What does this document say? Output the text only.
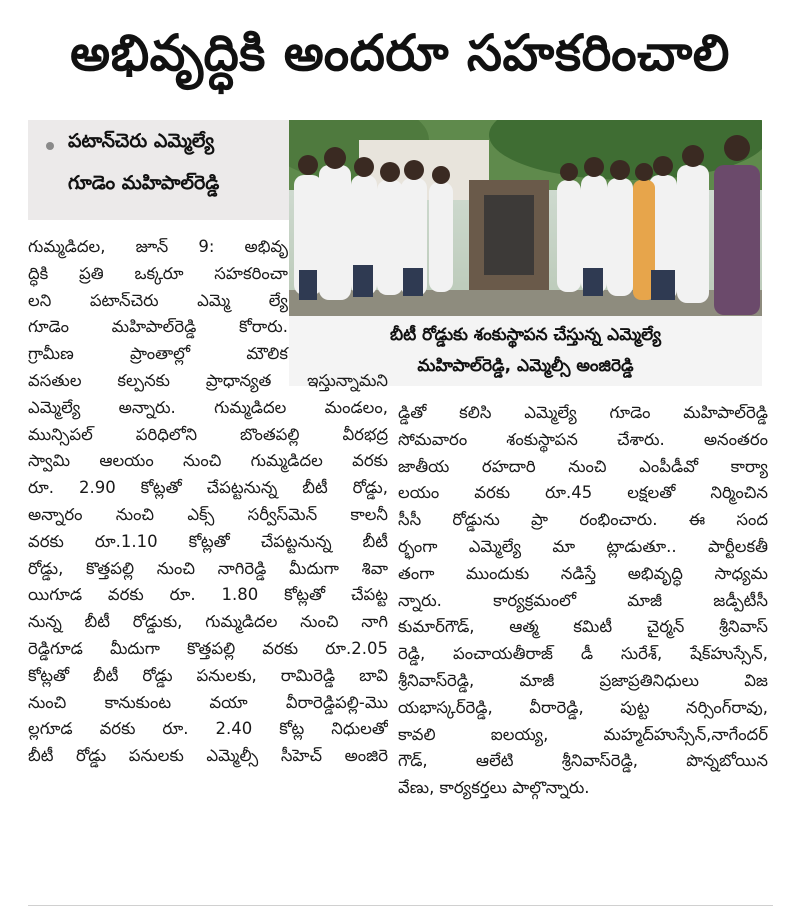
అభివృద్ధికి అందరూ సహకరించాలి
పటాన్‌చెరు ఎమ్మెల్యే
గూడెం మహిపాల్‌రెడ్డి
బీటీ రోడ్డుకు శంకుస్థాపన చేస్తున్న ఎమ్మెల్యే
మహిపాల్‌రెడ్డి, ఎమ్మెల్సీ అంజిరెడ్డి
గుమ్మడిదల, జూన్ 9: అభివృ
ద్ధికి ప్రతి ఒక్కరూ సహకరించా
లని పటాన్‌చెరు ఎమ్మె ల్యే
గూడెం మహిపాల్‌రెడ్డి కోరారు.
గ్రామీణ ప్రాంతాల్లో మౌలిక
వసతుల కల్పనకు ప్రాధాన్యత ఇస్తున్నామని
ఎమ్మెల్యే అన్నారు. గుమ్మడిదల మండలం,
మున్సిపల్ పరిధిలోని బొంతపల్లి వీరభద్ర
స్వామి ఆలయం నుంచి గుమ్మడిదల వరకు
రూ. 2.90 కోట్లతో చేపట్టనున్న బీటీ రోడ్డు,
అన్నారం నుంచి ఎక్స్ సర్వీస్‌మెన్ కాలనీ
వరకు రూ.1.10 కోట్లతో చేపట్టనున్న బీటీ
రోడ్డు, కొత్తపల్లి నుంచి నాగిరెడ్డి మీదుగా శివా
యిగూడ వరకు రూ. 1.80 కోట్లతో చేపట్ట
నున్న బీటీ రోడ్డుకు, గుమ్మడిదల నుంచి నాగి
రెడ్డిగూడ మీదుగా కొత్తపల్లి వరకు రూ.2.05
కోట్లతో బీటీ రోడ్డు పనులకు, రామిరెడ్డి బావి
నుంచి కానుకుంట వయా వీరారెడ్డిపల్లి-మొ
ల్లగూడ వరకు రూ. 2.40 కోట్ల నిధులతో
బీటీ రోడ్డు పనులకు ఎమ్మెల్సీ సీహెచ్ అంజిరె
డ్డితో కలిసి ఎమ్మెల్యే గూడెం మహిపాల్‌రెడ్డి
సోమవారం శంకుస్థాపన చేశారు. అనంతరం
జాతీయ రహదారి నుంచి ఎంపీడీవో కార్యా
లయం వరకు రూ.45 లక్షలతో నిర్మించిన
సీసీ రోడ్డును ప్రా రంభించారు. ఈ సంద
ర్భంగా ఎమ్మెల్యే మా ట్లాడుతూ.. పార్టీలకతీ
తంగా ముందుకు నడిస్తే అభివృద్ధి సాధ్యమ
న్నారు. కార్యక్రమంలో మాజీ జడ్పీటీసీ
కుమార్‌గౌడ్, ఆత్మ కమిటీ చైర్మన్ శ్రీనివాస్
రెడ్డి, పంచాయతీరాజ్ డీ సురేశ్, షేక్‌హుస్సేన్,
శ్రీనివాస్‌రెడ్డి, మాజీ ప్రజాప్రతినిధులు విజ
యభాస్కర్‌రెడ్డి, వీరారెడ్డి, పుట్ట నర్సింగ్‌రావు,
కావలి ఐలయ్య, మహ్మద్‌హుస్సేన్,నాగేందర్
గౌడ్, ఆలేటి శ్రీనివాస్‌రెడ్డి, పొన్నబోయిన
వేణు, కార్యకర్తలు పాల్గొన్నారు.
